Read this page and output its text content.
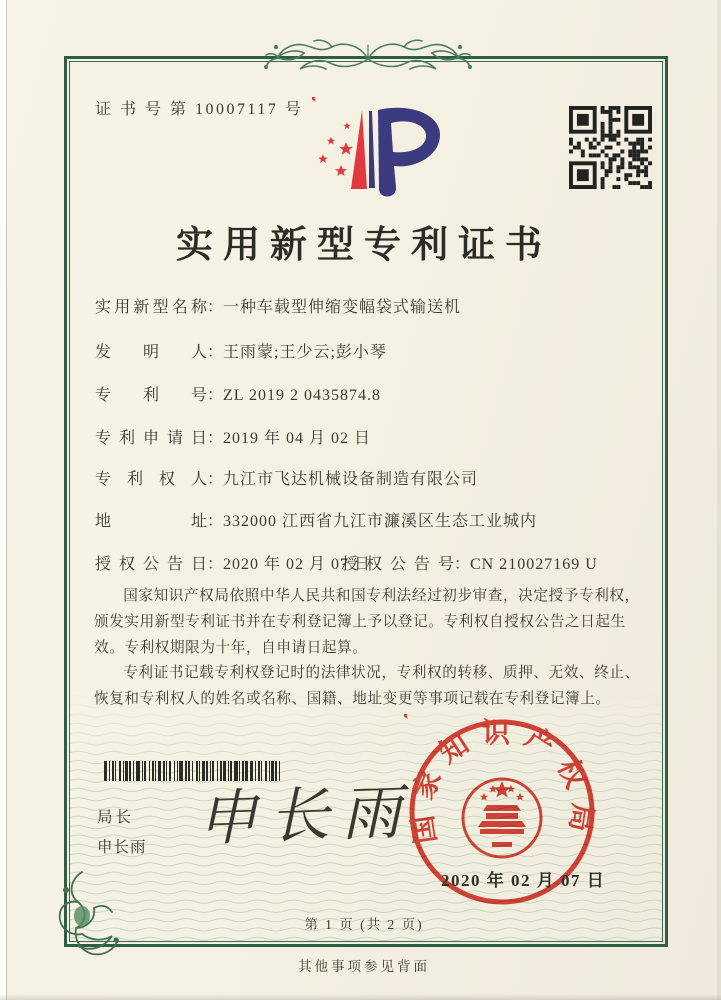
证 书 号 第 10007117 号
实用新型专利证书
实用新型名称：一种车载型伸缩变幅袋式输送机
发明人：王雨蒙;王少云;彭小琴
专利号：ZL 2019 2 0435874.8
专利申请日：2019 年 04 月 02 日
专利权人：九江市飞达机械设备制造有限公司
地址：332000 江西省九江市濂溪区生态工业城内
授权公告日：2020 年 02 月 07 日
授权公告号：CN 210027169 U

国家知识产权局依照中华人民共和国专利法经过初步审查，决定授予专利权，颁发实用新型专利证书并在专利登记簿上予以登记。专利权自授权公告之日起生效。专利权期限为十年，自申请日起算。

专利证书记载专利权登记时的法律状况，专利权的转移、质押、无效、终止、恢复和专利权人的姓名或名称、国籍、地址变更等事项记载在专利登记簿上。

局长
申长雨 申长雨
国家知识产权局
2020 年 02 月 07 日
第 1 页 (共 2 页)
其他事项参见背面
